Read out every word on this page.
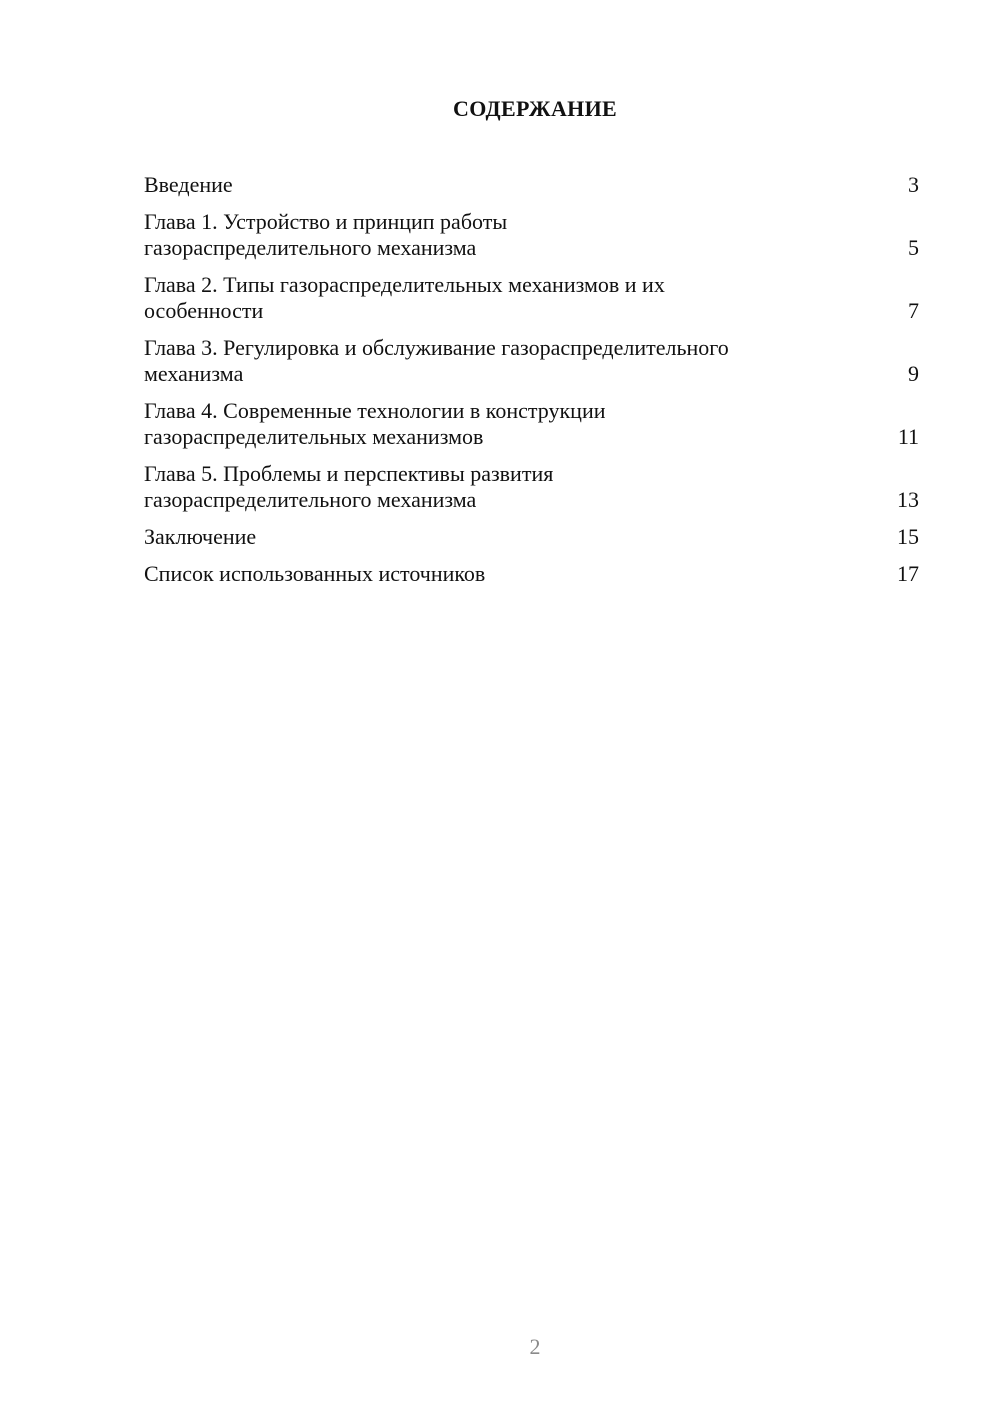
СОДЕРЖАНИЕ
Введение	3
Глава 1. Устройство и принцип работы
газораспределительного механизма	5
Глава 2. Типы газораспределительных механизмов и их
особенности	7
Глава 3. Регулировка и обслуживание газораспределительного
механизма	9
Глава 4. Современные технологии в конструкции
газораспределительных механизмов	11
Глава 5. Проблемы и перспективы развития
газораспределительного механизма	13
Заключение	15
Список использованных источников	17
2
